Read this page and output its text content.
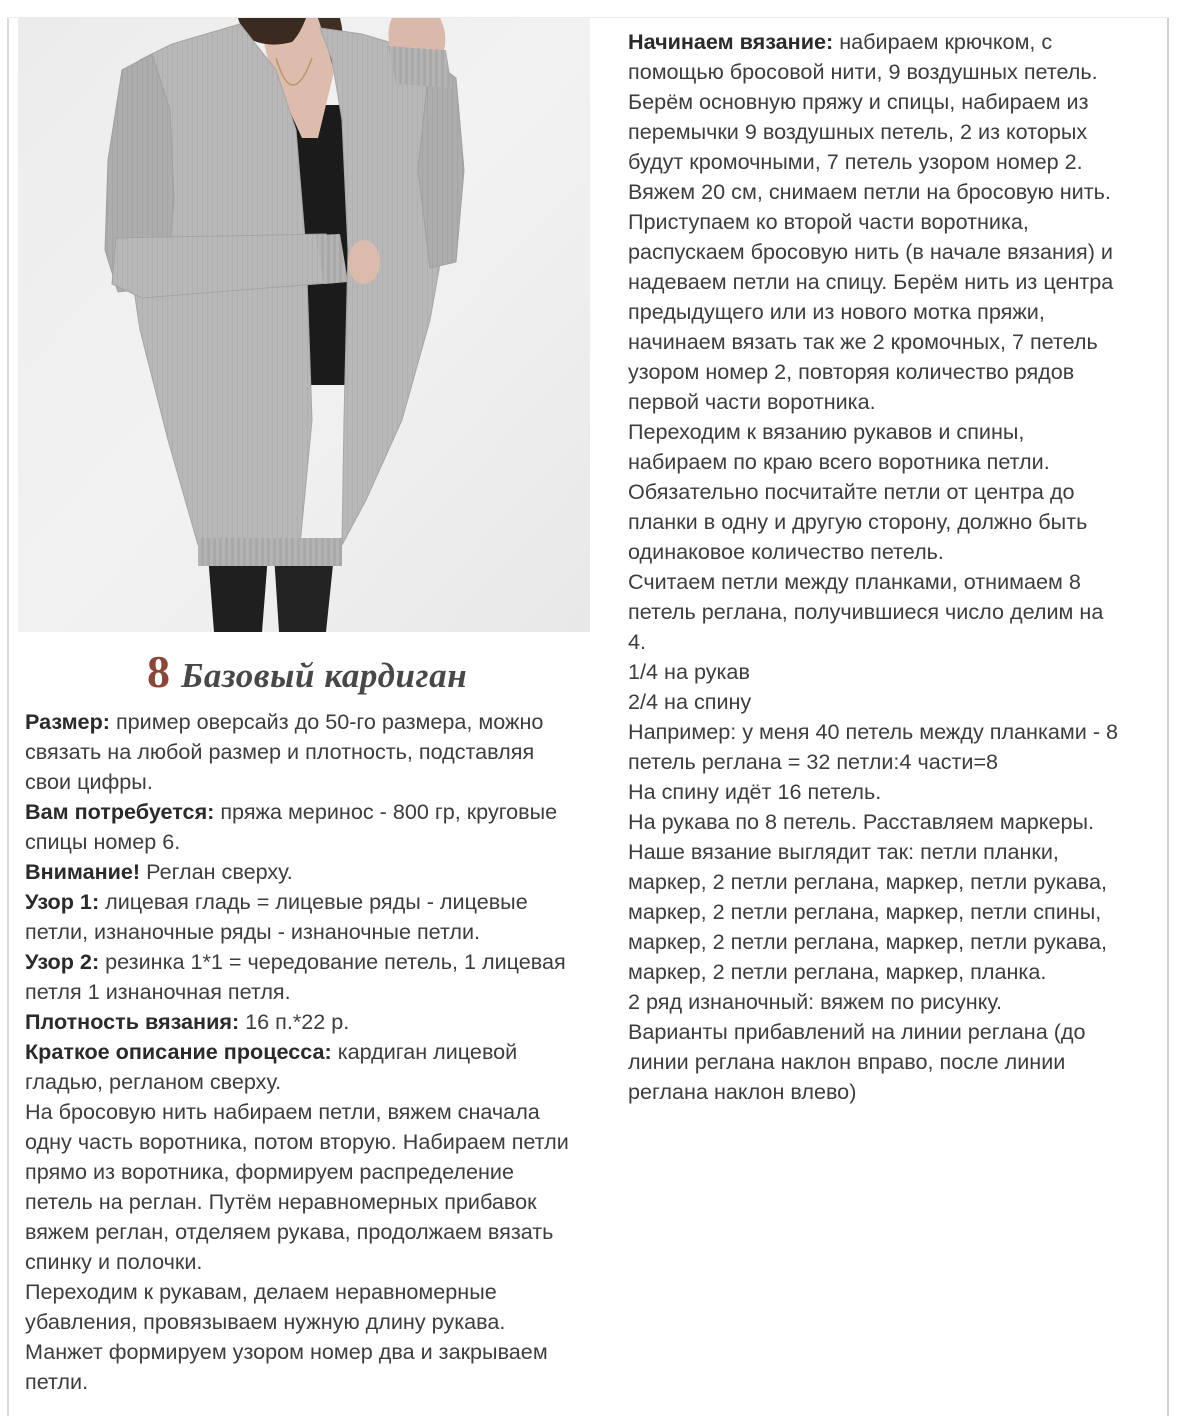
8 Базовый кардиган
Размер: пример оверсайз до 50-го размера, можно
связать на любой размер и плотность, подставляя
свои цифры.
Вам потребуется: пряжа меринос - 800 гр, круговые
спицы номер 6.
Внимание! Реглан сверху.
Узор 1: лицевая гладь = лицевые ряды - лицевые
петли, изнаночные ряды - изнаночные петли.
Узор 2: резинка 1*1 = чередование петель, 1 лицевая
петля 1 изнаночная петля.
Плотность вязания: 16 п.*22 р.
Краткое описание процесса: кардиган лицевой
гладью, регланом сверху.
На бросовую нить набираем петли, вяжем сначала
одну часть воротника, потом вторую. Набираем петли
прямо из воротника, формируем распределение
петель на реглан. Путём неравномерных прибавок
вяжем реглан, отделяем рукава, продолжаем вязать
спинку и полочки.
Переходим к рукавам, делаем неравномерные
убавления, провязываем нужную длину рукава.
Манжет формируем узором номер два и закрываем
петли.
Начинаем вязание: набираем крючком, с
помощью бросовой нити, 9 воздушных петель.
Берём основную пряжу и спицы, набираем из
перемычки 9 воздушных петель, 2 из которых
будут кромочными, 7 петель узором номер 2.
Вяжем 20 см, снимаем петли на бросовую нить.
Приступаем ко второй части воротника,
распускаем бросовую нить (в начале вязания) и
надеваем петли на спицу. Берём нить из центра
предыдущего или из нового мотка пряжи,
начинаем вязать так же 2 кромочных, 7 петель
узором номер 2, повторяя количество рядов
первой части воротника.
Переходим к вязанию рукавов и спины,
набираем по краю всего воротника петли.
Обязательно посчитайте петли от центра до
планки в одну и другую сторону, должно быть
одинаковое количество петель.
Считаем петли между планками, отнимаем 8
петель реглана, получившиеся число делим на
4.
1/4 на рукав
2/4 на спину
Например: у меня 40 петель между планками - 8
петель реглана = 32 петли:4 части=8
На спину идёт 16 петель.
На рукава по 8 петель. Расставляем маркеры.
Наше вязание выглядит так: петли планки,
маркер, 2 петли реглана, маркер, петли рукава,
маркер, 2 петли реглана, маркер, петли спины,
маркер, 2 петли реглана, маркер, петли рукава,
маркер, 2 петли реглана, маркер, планка.
2 ряд изнаночный: вяжем по рисунку.
Варианты прибавлений на линии реглана (до
линии реглана наклон вправо, после линии
реглана наклон влево)
